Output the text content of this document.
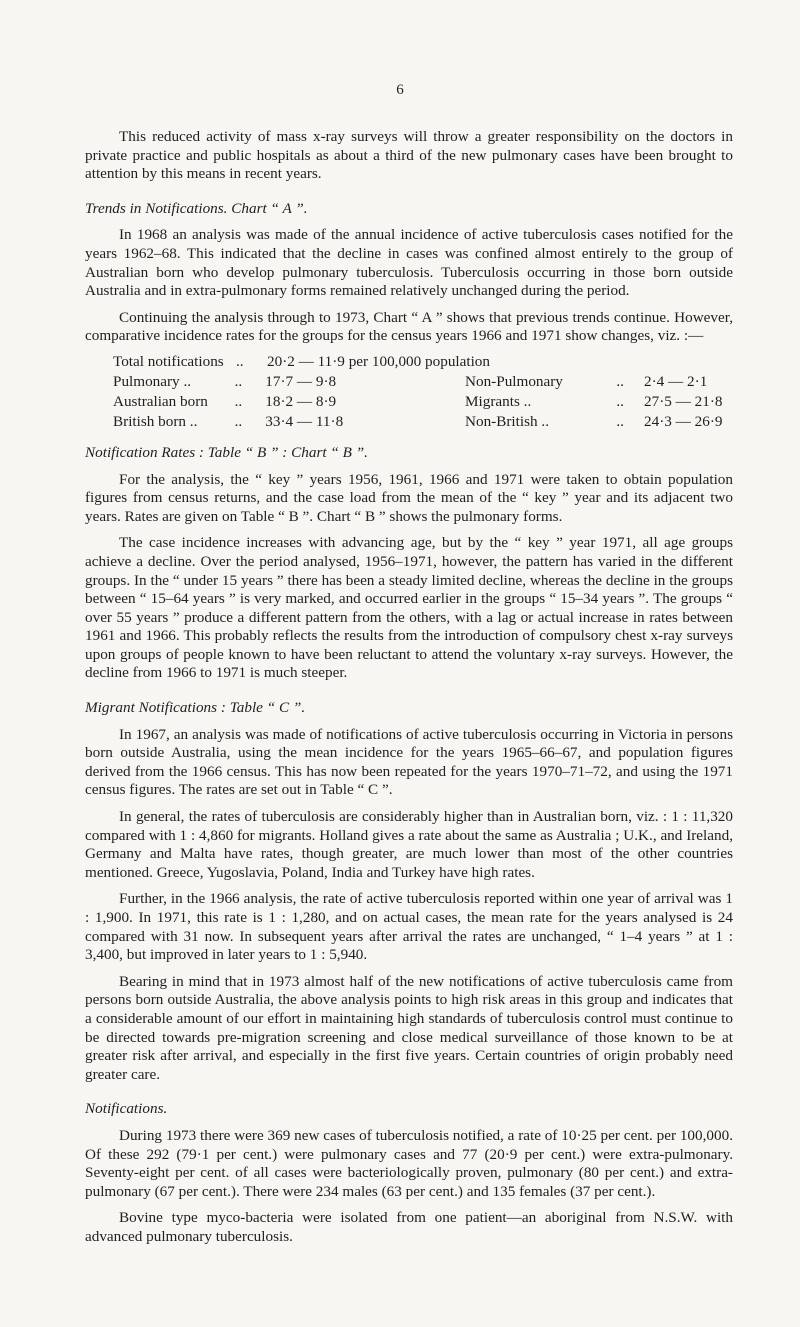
6

This reduced activity of mass x-ray surveys will throw a greater responsibility on the doctors in private practice and public hospitals as about a third of the new pulmonary cases have been brought to attention by this means in recent years.

Trends in Notifications. Chart “ A ”.

In 1968 an analysis was made of the annual incidence of active tuberculosis cases notified for the years 1962–68. This indicated that the decline in cases was confined almost entirely to the group of Australian born who develop pulmonary tuberculosis. Tuberculosis occurring in those born outside Australia and in extra-pulmonary forms remained relatively unchanged during the period.

Continuing the analysis through to 1973, Chart “ A ” shows that previous trends continue. However, comparative incidence rates for the groups for the census years 1966 and 1971 show changes, viz. :—

Total notifications ..	20·2 — 11·9 per 100,000 population
Pulmonary ..	..	17·7 — 9·8	Non-Pulmonary	..	2·4 — 2·1
Australian born	..	18·2 — 8·9	Migrants ..	..	27·5 — 21·8
British born ..	..	33·4 — 11·8	Non-British ..	..	24·3 — 26·9
Notification Rates : Table “ B ” : Chart “ B ”.

For the analysis, the “ key ” years 1956, 1961, 1966 and 1971 were taken to obtain population figures from census returns, and the case load from the mean of the “ key ” year and its adjacent two years. Rates are given on Table “ B ”. Chart “ B ” shows the pulmonary forms.

The case incidence increases with advancing age, but by the “ key ” year 1971, all age groups achieve a decline. Over the period analysed, 1956–1971, however, the pattern has varied in the different groups. In the “ under 15 years ” there has been a steady limited decline, whereas the decline in the groups between “ 15–64 years ” is very marked, and occurred earlier in the groups “ 15–34 years ”. The groups “ over 55 years ” produce a different pattern from the others, with a lag or actual increase in rates between 1961 and 1966. This probably reflects the results from the introduction of compulsory chest x-ray surveys upon groups of people known to have been reluctant to attend the voluntary x-ray surveys. However, the decline from 1966 to 1971 is much steeper.

Migrant Notifications : Table “ C ”.

In 1967, an analysis was made of notifications of active tuberculosis occurring in Victoria in persons born outside Australia, using the mean incidence for the years 1965–66–67, and population figures derived from the 1966 census. This has now been repeated for the years 1970–71–72, and using the 1971 census figures. The rates are set out in Table “ C ”.

In general, the rates of tuberculosis are considerably higher than in Australian born, viz. : 1 : 11,320 compared with 1 : 4,860 for migrants. Holland gives a rate about the same as Australia ; U.K., and Ireland, Germany and Malta have rates, though greater, are much lower than most of the other countries mentioned. Greece, Yugoslavia, Poland, India and Turkey have high rates.

Further, in the 1966 analysis, the rate of active tuberculosis reported within one year of arrival was 1 : 1,900. In 1971, this rate is 1 : 1,280, and on actual cases, the mean rate for the years analysed is 24 compared with 31 now. In subsequent years after arrival the rates are unchanged, “ 1–4 years ” at 1 : 3,400, but improved in later years to 1 : 5,940.

Bearing in mind that in 1973 almost half of the new notifications of active tuberculosis came from persons born outside Australia, the above analysis points to high risk areas in this group and indicates that a considerable amount of our effort in maintaining high standards of tuberculosis control must continue to be directed towards pre-migration screening and close medical surveillance of those known to be at greater risk after arrival, and especially in the first five years. Certain countries of origin probably need greater care.

Notifications.

During 1973 there were 369 new cases of tuberculosis notified, a rate of 10·25 per cent. per 100,000. Of these 292 (79·1 per cent.) were pulmonary cases and 77 (20·9 per cent.) were extra-pulmonary. Seventy-eight per cent. of all cases were bacteriologically proven, pulmonary (80 per cent.) and extra-pulmonary (67 per cent.). There were 234 males (63 per cent.) and 135 females (37 per cent.).

Bovine type myco-bacteria were isolated from one patient—an aboriginal from N.S.W. with advanced pulmonary tuberculosis.
